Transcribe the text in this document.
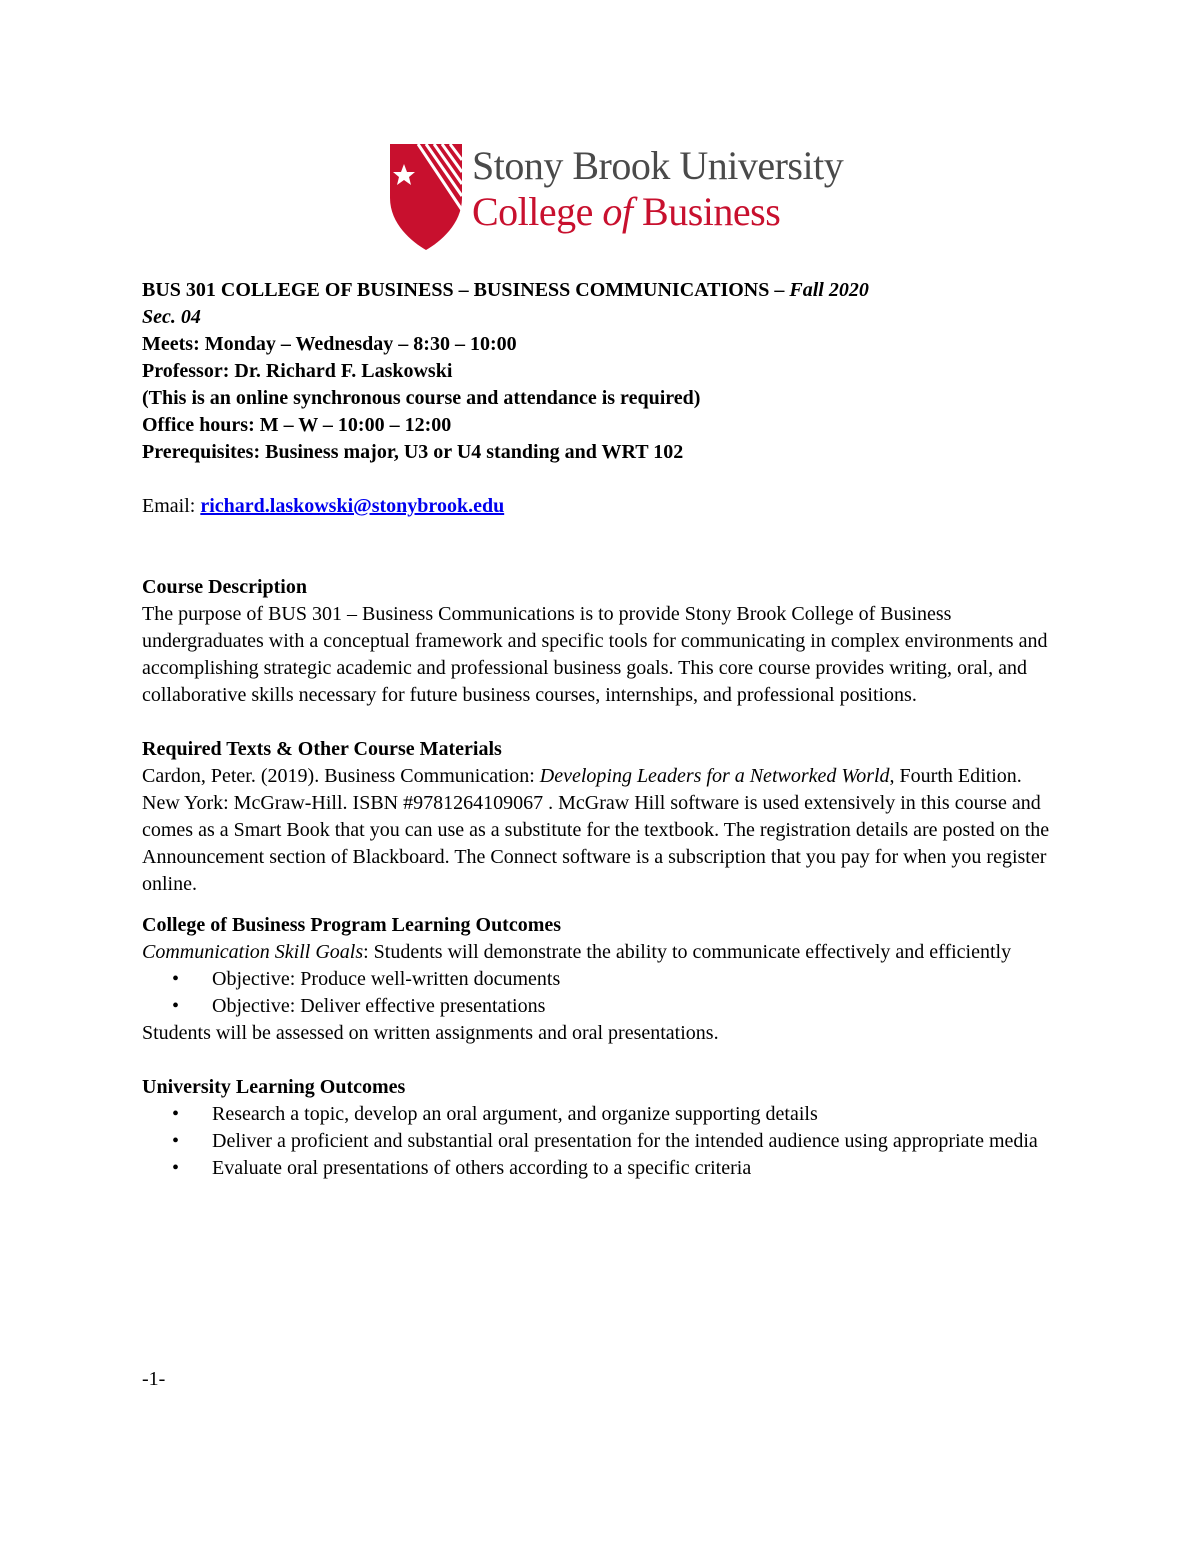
Stony Brook University
College of Business
BUS 301 COLLEGE OF BUSINESS – BUSINESS COMMUNICATIONS – Fall 2020
Sec. 04
Meets: Monday – Wednesday – 8:30 – 10:00
Professor: Dr. Richard F. Laskowski
(This is an online synchronous course and attendance is required)
Office hours: M – W – 10:00 – 12:00
Prerequisites: Business major, U3 or U4 standing and WRT 102
Email: richard.laskowski@stonybrook.edu
Course Description

The purpose of BUS 301 – Business Communications is to provide Stony Brook College of Business undergraduates with a conceptual framework and specific tools for communicating in complex environments and accomplishing strategic academic and professional business goals. This core course provides writing, oral, and collaborative skills necessary for future business courses, internships, and professional positions.

Required Texts & Other Course Materials

Cardon, Peter. (2019). Business Communication: Developing Leaders for a Networked World, Fourth Edition. New York: McGraw-Hill. ISBN #9781264109067 . McGraw Hill software is used extensively in this course and comes as a Smart Book that you can use as a substitute for the textbook. The registration details are posted on the Announcement section of Blackboard. The Connect software is a subscription that you pay for when you register online.

College of Business Program Learning Outcomes

Communication Skill Goals: Students will demonstrate the ability to communicate effectively and efficiently

• Objective: Produce well-written documents
• Objective: Deliver effective presentations

Students will be assessed on written assignments and oral presentations.

University Learning Outcomes
• Research a topic, develop an oral argument, and organize supporting details
• Deliver a proficient and substantial oral presentation for the intended audience using appropriate media
• Evaluate oral presentations of others according to a specific criteria
-1-
